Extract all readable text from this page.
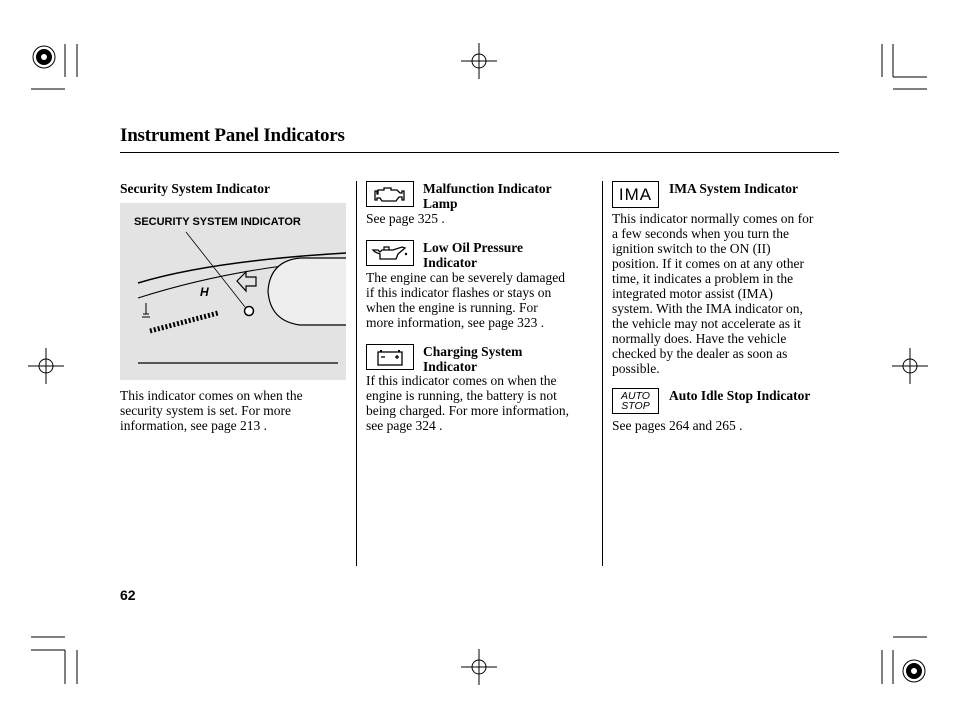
Instrument Panel Indicators
Security System Indicator
H
SECURITY SYSTEM INDICATOR
This indicator comes on when the
security system is set. For more
information, see page 213 .
Malfunction Indicator
Lamp
See page 325 .
Low Oil Pressure
Indicator
The engine can be severely damaged
if this indicator flashes or stays on
when the engine is running. For
more information, see page 323 .
Charging System
Indicator
If this indicator comes on when the
engine is running, the battery is not
being charged. For more information,
see page 324 .
IMA	IMA System Indicator
This indicator normally comes on for
a few seconds when you turn the
ignition switch to the ON (II)
position. If it comes on at any other
time, it indicates a problem in the
integrated motor assist (IMA)
system. With the IMA indicator on,
the vehicle may not accelerate as it
normally does. Have the vehicle
checked by the dealer as soon as
possible.
AUTO
STOP
Auto Idle Stop Indicator
See pages 264 and 265 .
62
